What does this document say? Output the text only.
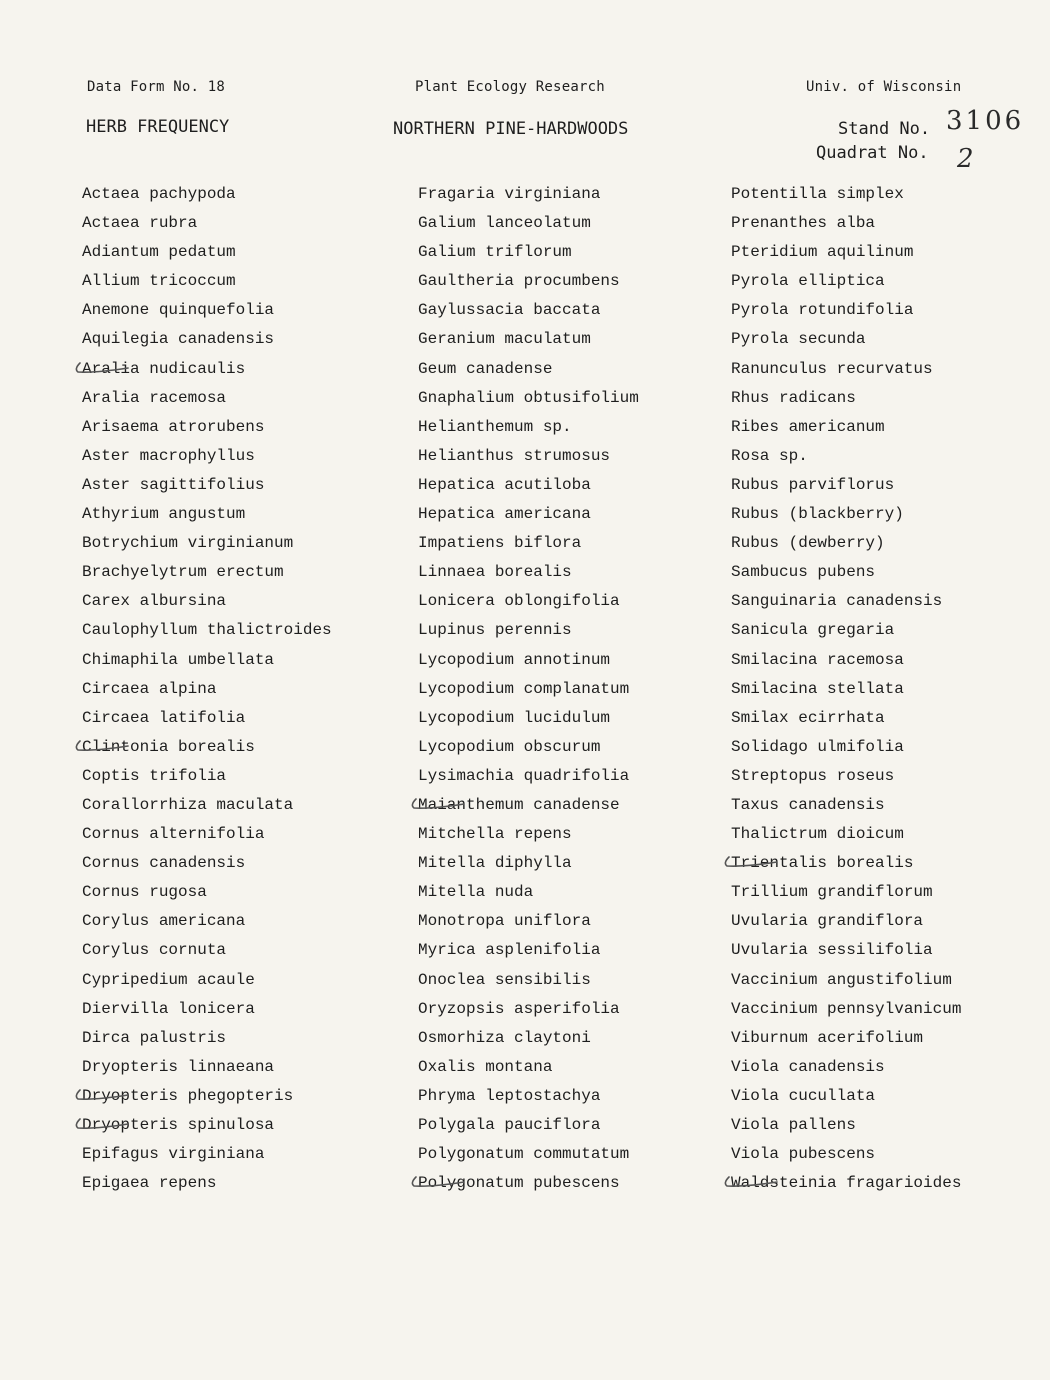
Data Form No. 18	Plant Ecology Research	Univ. of Wisconsin
HERB FREQUENCY	NORTHERN PINE-HARDWOODS	Stand No. 3106
Quadrat No. 2
Actaea pachypoda
Actaea rubra
Adiantum pedatum
Allium tricoccum
Anemone quinquefolia
Aquilegia canadensis
Aralia nudicaulis
Aralia racemosa
Arisaema atrorubens
Aster macrophyllus
Aster sagittifolius
Athyrium angustum
Botrychium virginianum
Brachyelytrum erectum
Carex albursina
Caulophyllum thalictroides
Chimaphila umbellata
Circaea alpina
Circaea latifolia
Clintonia borealis
Coptis trifolia
Corallorrhiza maculata
Cornus alternifolia
Cornus canadensis
Cornus rugosa
Corylus americana
Corylus cornuta
Cypripedium acaule
Diervilla lonicera
Dirca palustris
Dryopteris linnaeana
Dryopteris phegopteris
Dryopteris spinulosa
Epifagus virginiana
Epigaea repens
Fragaria virginiana
Galium lanceolatum
Galium triflorum
Gaultheria procumbens
Gaylussacia baccata
Geranium maculatum
Geum canadense
Gnaphalium obtusifolium
Helianthemum sp.
Helianthus strumosus
Hepatica acutiloba
Hepatica americana
Impatiens biflora
Linnaea borealis
Lonicera oblongifolia
Lupinus perennis
Lycopodium annotinum
Lycopodium complanatum
Lycopodium lucidulum
Lycopodium obscurum
Lysimachia quadrifolia
Maianthemum canadense
Mitchella repens
Mitella diphylla
Mitella nuda
Monotropa uniflora
Myrica asplenifolia
Onoclea sensibilis
Oryzopsis asperifolia
Osmorhiza claytoni
Oxalis montana
Phryma leptostachya
Polygala pauciflora
Polygonatum commutatum
Polygonatum pubescens
Potentilla simplex
Prenanthes alba
Pteridium aquilinum
Pyrola elliptica
Pyrola rotundifolia
Pyrola secunda
Ranunculus recurvatus
Rhus radicans
Ribes americanum
Rosa sp.
Rubus parviflorus
Rubus (blackberry)
Rubus (dewberry)
Sambucus pubens
Sanguinaria canadensis
Sanicula gregaria
Smilacina racemosa
Smilacina stellata
Smilax ecirrhata
Solidago ulmifolia
Streptopus roseus
Taxus canadensis
Thalictrum dioicum
Trientalis borealis
Trillium grandiflorum
Uvularia grandiflora
Uvularia sessilifolia
Vaccinium angustifolium
Vaccinium pennsylvanicum
Viburnum acerifolium
Viola canadensis
Viola cucullata
Viola pallens
Viola pubescens
Waldsteinia fragarioides
